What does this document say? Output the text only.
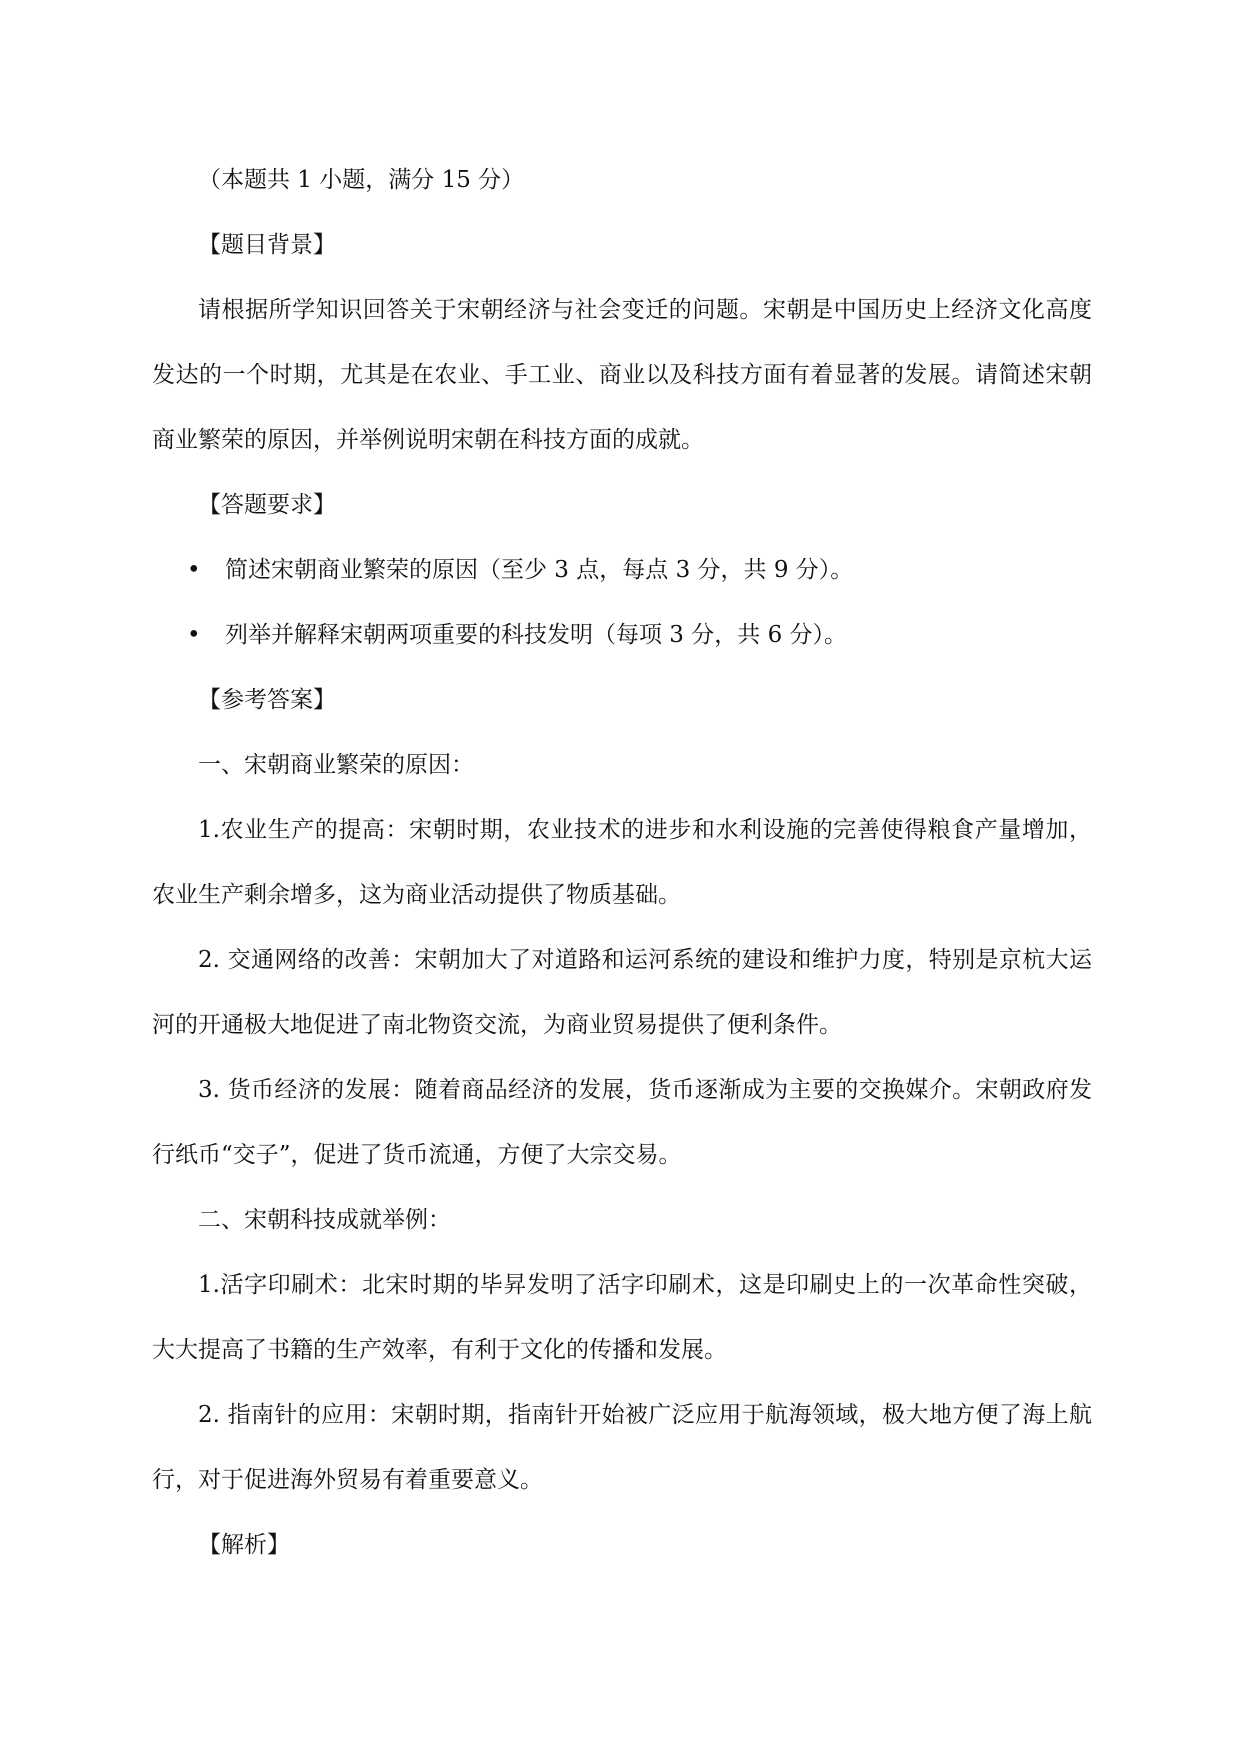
（本题共 1 小题，满分 15 分）

【题目背景】

请根据所学知识回答关于宋朝经济与社会变迁的问题。宋朝是中国历史上经济文化高度发达的一个时期，尤其是在农业、手工业、商业以及科技方面有着显著的发展。请简述宋朝商业繁荣的原因，并举例说明宋朝在科技方面的成就。

【答题要求】

• 简述宋朝商业繁荣的原因（至少 3 点，每点 3 分，共 9 分）。
• 列举并解释宋朝两项重要的科技发明（每项 3 分，共 6 分）。

【参考答案】

一、宋朝商业繁荣的原因：

1.农业生产的提高：宋朝时期，农业技术的进步和水利设施的完善使得粮食产量增加，农业生产剩余增多，这为商业活动提供了物质基础。

2. 交通网络的改善：宋朝加大了对道路和运河系统的建设和维护力度，特别是京杭大运河的开通极大地促进了南北物资交流，为商业贸易提供了便利条件。

3. 货币经济的发展：随着商品经济的发展，货币逐渐成为主要的交换媒介。宋朝政府发行纸币“交子”，促进了货币流通，方便了大宗交易。

二、宋朝科技成就举例：

1.活字印刷术：北宋时期的毕昇发明了活字印刷术，这是印刷史上的一次革命性突破，大大提高了书籍的生产效率，有利于文化的传播和发展。

2. 指南针的应用：宋朝时期，指南针开始被广泛应用于航海领域，极大地方便了海上航行，对于促进海外贸易有着重要意义。

【解析】
